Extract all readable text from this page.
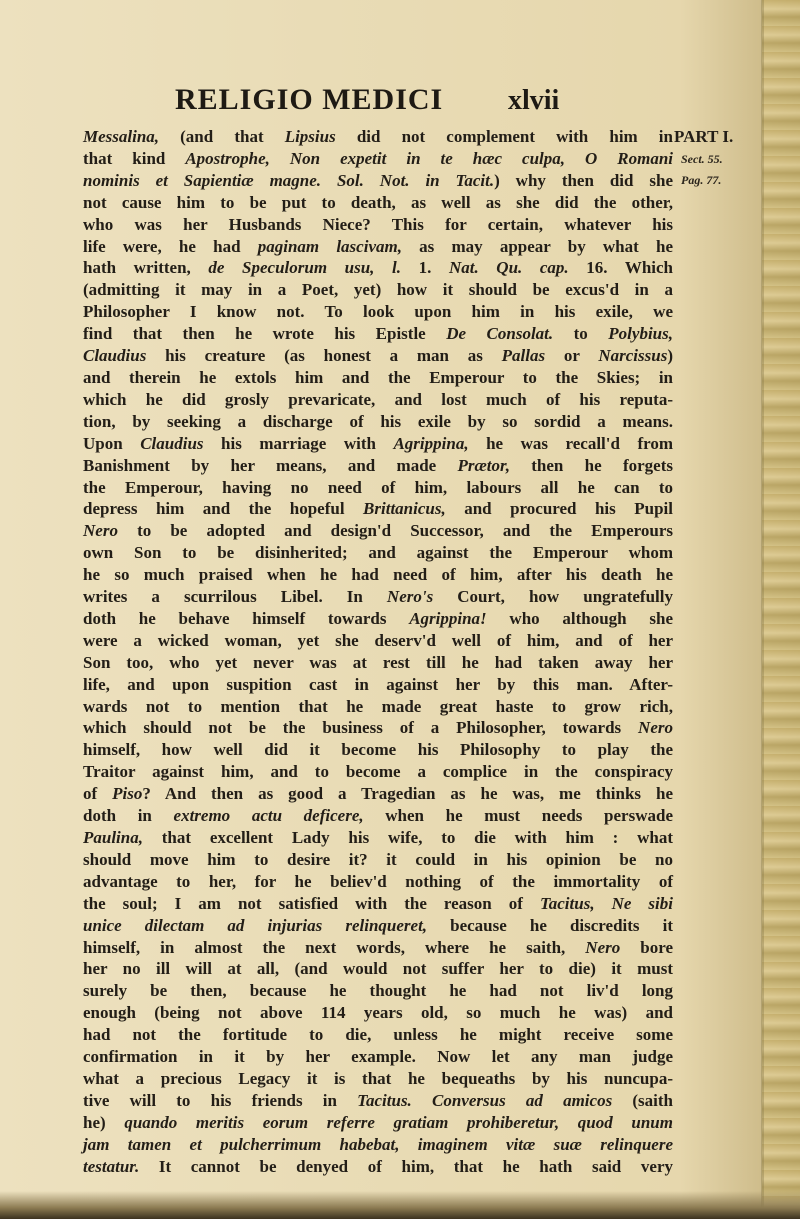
RELIGIO MEDICI xlvii
PART I.
Sect. 55.
Pag. 77.
Messalina, (and that Lipsius did not complement with him in
that kind Apostrophe, Non expetit in te hæc culpa, O Romani
nominis et Sapientiæ magne. Sol. Not. in Tacit.) why then did she
not cause him to be put to death, as well as she did the other,
who was her Husbands Niece? This for certain, whatever his
life were, he had paginam lascivam, as may appear by what he
hath written, de Speculorum usu, l. 1. Nat. Qu. cap. 16. Which
(admitting it may in a Poet, yet) how it should be excus'd in a
Philosopher I know not. To look upon him in his exile, we
find that then he wrote his Epistle De Consolat. to Polybius,
Claudius his creature (as honest a man as Pallas or Narcissus)
and therein he extols him and the Emperour to the Skies; in
which he did grosly prevaricate, and lost much of his reputa-
tion, by seeking a discharge of his exile by so sordid a means.
Upon Claudius his marriage with Agrippina, he was recall'd from
Banishment by her means, and made Prætor, then he forgets
the Emperour, having no need of him, labours all he can to
depress him and the hopeful Brittanicus, and procured his Pupil
Nero to be adopted and design'd Successor, and the Emperours
own Son to be disinherited; and against the Emperour whom
he so much praised when he had need of him, after his death he
writes a scurrilous Libel. In Nero's Court, how ungratefully
doth he behave himself towards Agrippina! who although she
were a wicked woman, yet she deserv'd well of him, and of her
Son too, who yet never was at rest till he had taken away her
life, and upon suspition cast in against her by this man. After-
wards not to mention that he made great haste to grow rich,
which should not be the business of a Philosopher, towards Nero
himself, how well did it become his Philosophy to play the
Traitor against him, and to become a complice in the conspiracy
of Piso? And then as good a Tragedian as he was, me thinks he
doth in extremo actu deficere, when he must needs perswade
Paulina, that excellent Lady his wife, to die with him : what
should move him to desire it? it could in his opinion be no
advantage to her, for he believ'd nothing of the immortality of
the soul; I am not satisfied with the reason of Tacitus, Ne sibi
unice dilectam ad injurias relinqueret, because he discredits it
himself, in almost the next words, where he saith, Nero bore
her no ill will at all, (and would not suffer her to die) it must
surely be then, because he thought he had not liv'd long
enough (being not above 114 years old, so much he was) and
had not the fortitude to die, unless he might receive some
confirmation in it by her example. Now let any man judge
what a precious Legacy it is that he bequeaths by his nuncupa-
tive will to his friends in Tacitus. Conversus ad amicos (saith
he) quando meritis eorum referre gratiam prohiberetur, quod unum
jam tamen et pulcherrimum habebat, imaginem vitæ suæ relinquere
testatur. It cannot be denyed of him, that he hath said very
